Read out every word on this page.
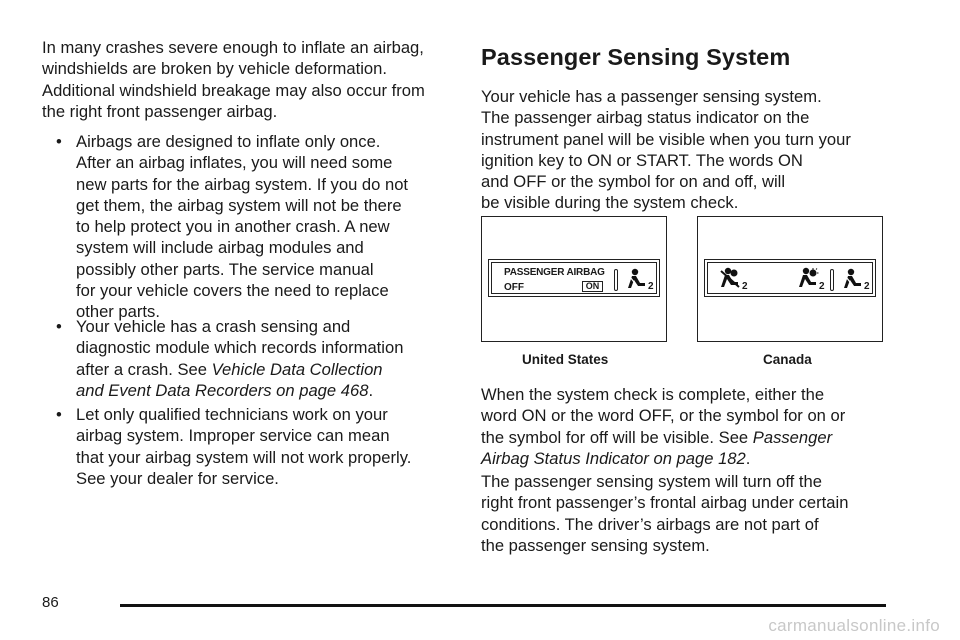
In many crashes severe enough to inflate an airbag, windshields are broken by vehicle deformation. Additional windshield breakage may also occur from the right front passenger airbag.

• Airbags are designed to inflate only once.

After an airbag inflates, you will need some

new parts for the airbag system. If you do not

get them, the airbag system will not be there

to help protect you in another crash. A new

system will include airbag modules and

possibly other parts. The service manual

for your vehicle covers the need to replace

other parts.

• Your vehicle has a crash sensing and

diagnostic module which records information

after a crash. See Vehicle Data Collection

and Event Data Recorders on page 468.

• Let only qualified technicians work on your

airbag system. Improper service can mean

that your airbag system will not work properly.

See your dealer for service.

Passenger Sensing System

Your vehicle has a passenger sensing system.

The passenger airbag status indicator on the

instrument panel will be visible when you turn your

ignition key to ON or START. The words ON

and OFF or the symbol for on and off, will

be visible during the system check.

PASSENGER AIRBAG
OFF	ON	2	2	2	2
United States	Canada

When the system check is complete, either the

word ON or the word OFF, or the symbol for on or

the symbol for off will be visible. See Passenger

Airbag Status Indicator on page 182.

The passenger sensing system will turn off the

right front passenger’s frontal airbag under certain

conditions. The driver’s airbags are not part of

the passenger sensing system.

86
carmanualsonline.info
